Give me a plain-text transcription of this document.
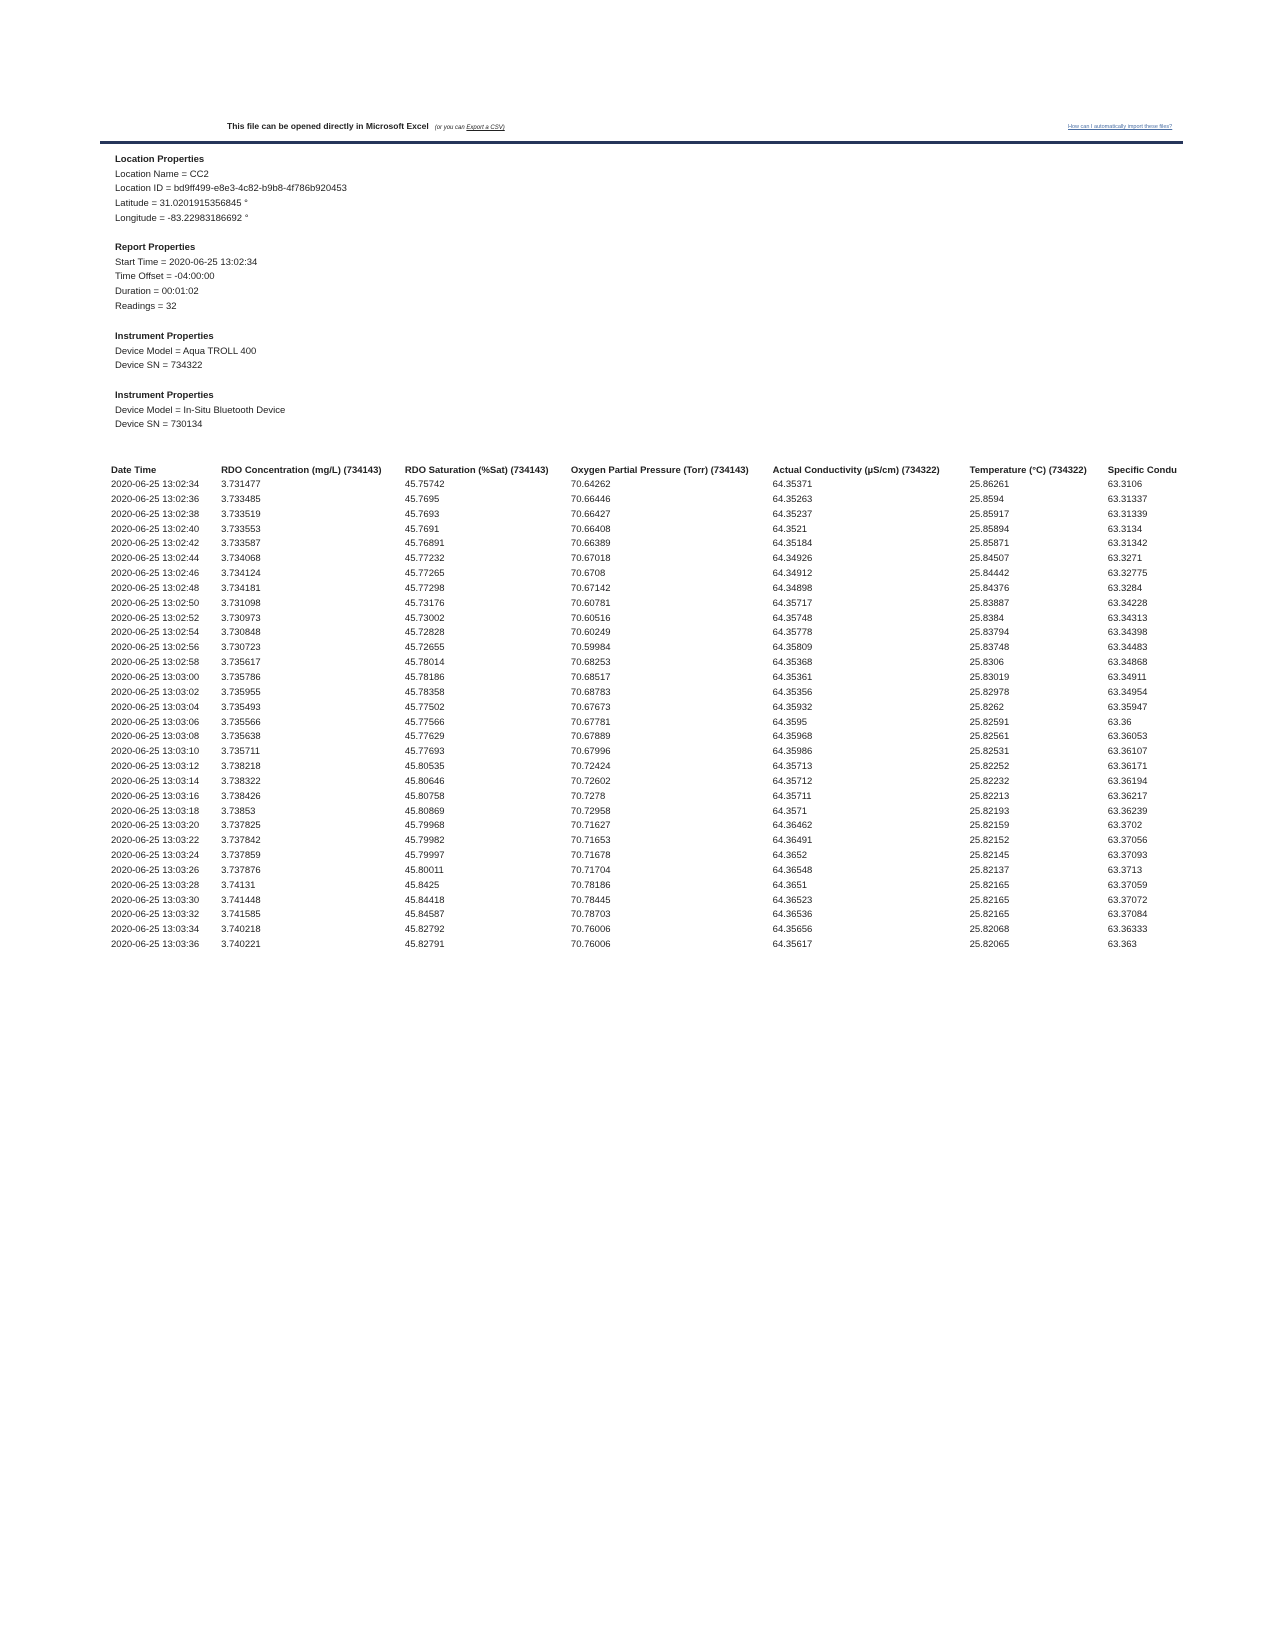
This file can be opened directly in Microsoft Excel (or you can Export a CSV)	How can I automatically import these files?
Location Properties
Location Name = CC2
Location ID = bd9ff499-e8e3-4c82-b9b8-4f786b920453
Latitude = 31.0201915356845 °
Longitude = -83.22983186692 °
Report Properties
Start Time = 2020-06-25 13:02:34
Time Offset = -04:00:00
Duration = 00:01:02
Readings = 32
Instrument Properties
Device Model = Aqua TROLL 400
Device SN = 734322
Instrument Properties
Device Model = In-Situ Bluetooth Device
Device SN = 730134
Date Time	RDO Concentration (mg/L) (734143)	RDO Saturation (%Sat) (734143)	Oxygen Partial Pressure (Torr) (734143)	Actual Conductivity (µS/cm) (734322)	Temperature (°C) (734322)	Specific Condu
2020-06-25 13:02:34	3.731477	45.75742	70.64262	64.35371	25.86261	63.3106
2020-06-25 13:02:36	3.733485	45.7695	70.66446	64.35263	25.8594	63.31337
2020-06-25 13:02:38	3.733519	45.7693	70.66427	64.35237	25.85917	63.31339
2020-06-25 13:02:40	3.733553	45.7691	70.66408	64.3521	25.85894	63.3134
2020-06-25 13:02:42	3.733587	45.76891	70.66389	64.35184	25.85871	63.31342
2020-06-25 13:02:44	3.734068	45.77232	70.67018	64.34926	25.84507	63.3271
2020-06-25 13:02:46	3.734124	45.77265	70.6708	64.34912	25.84442	63.32775
2020-06-25 13:02:48	3.734181	45.77298	70.67142	64.34898	25.84376	63.3284
2020-06-25 13:02:50	3.731098	45.73176	70.60781	64.35717	25.83887	63.34228
2020-06-25 13:02:52	3.730973	45.73002	70.60516	64.35748	25.8384	63.34313
2020-06-25 13:02:54	3.730848	45.72828	70.60249	64.35778	25.83794	63.34398
2020-06-25 13:02:56	3.730723	45.72655	70.59984	64.35809	25.83748	63.34483
2020-06-25 13:02:58	3.735617	45.78014	70.68253	64.35368	25.8306	63.34868
2020-06-25 13:03:00	3.735786	45.78186	70.68517	64.35361	25.83019	63.34911
2020-06-25 13:03:02	3.735955	45.78358	70.68783	64.35356	25.82978	63.34954
2020-06-25 13:03:04	3.735493	45.77502	70.67673	64.35932	25.8262	63.35947
2020-06-25 13:03:06	3.735566	45.77566	70.67781	64.3595	25.82591	63.36
2020-06-25 13:03:08	3.735638	45.77629	70.67889	64.35968	25.82561	63.36053
2020-06-25 13:03:10	3.735711	45.77693	70.67996	64.35986	25.82531	63.36107
2020-06-25 13:03:12	3.738218	45.80535	70.72424	64.35713	25.82252	63.36171
2020-06-25 13:03:14	3.738322	45.80646	70.72602	64.35712	25.82232	63.36194
2020-06-25 13:03:16	3.738426	45.80758	70.7278	64.35711	25.82213	63.36217
2020-06-25 13:03:18	3.73853	45.80869	70.72958	64.3571	25.82193	63.36239
2020-06-25 13:03:20	3.737825	45.79968	70.71627	64.36462	25.82159	63.3702
2020-06-25 13:03:22	3.737842	45.79982	70.71653	64.36491	25.82152	63.37056
2020-06-25 13:03:24	3.737859	45.79997	70.71678	64.3652	25.82145	63.37093
2020-06-25 13:03:26	3.737876	45.80011	70.71704	64.36548	25.82137	63.3713
2020-06-25 13:03:28	3.74131	45.8425	70.78186	64.3651	25.82165	63.37059
2020-06-25 13:03:30	3.741448	45.84418	70.78445	64.36523	25.82165	63.37072
2020-06-25 13:03:32	3.741585	45.84587	70.78703	64.36536	25.82165	63.37084
2020-06-25 13:03:34	3.740218	45.82792	70.76006	64.35656	25.82068	63.36333
2020-06-25 13:03:36	3.740221	45.82791	70.76006	64.35617	25.82065	63.363
